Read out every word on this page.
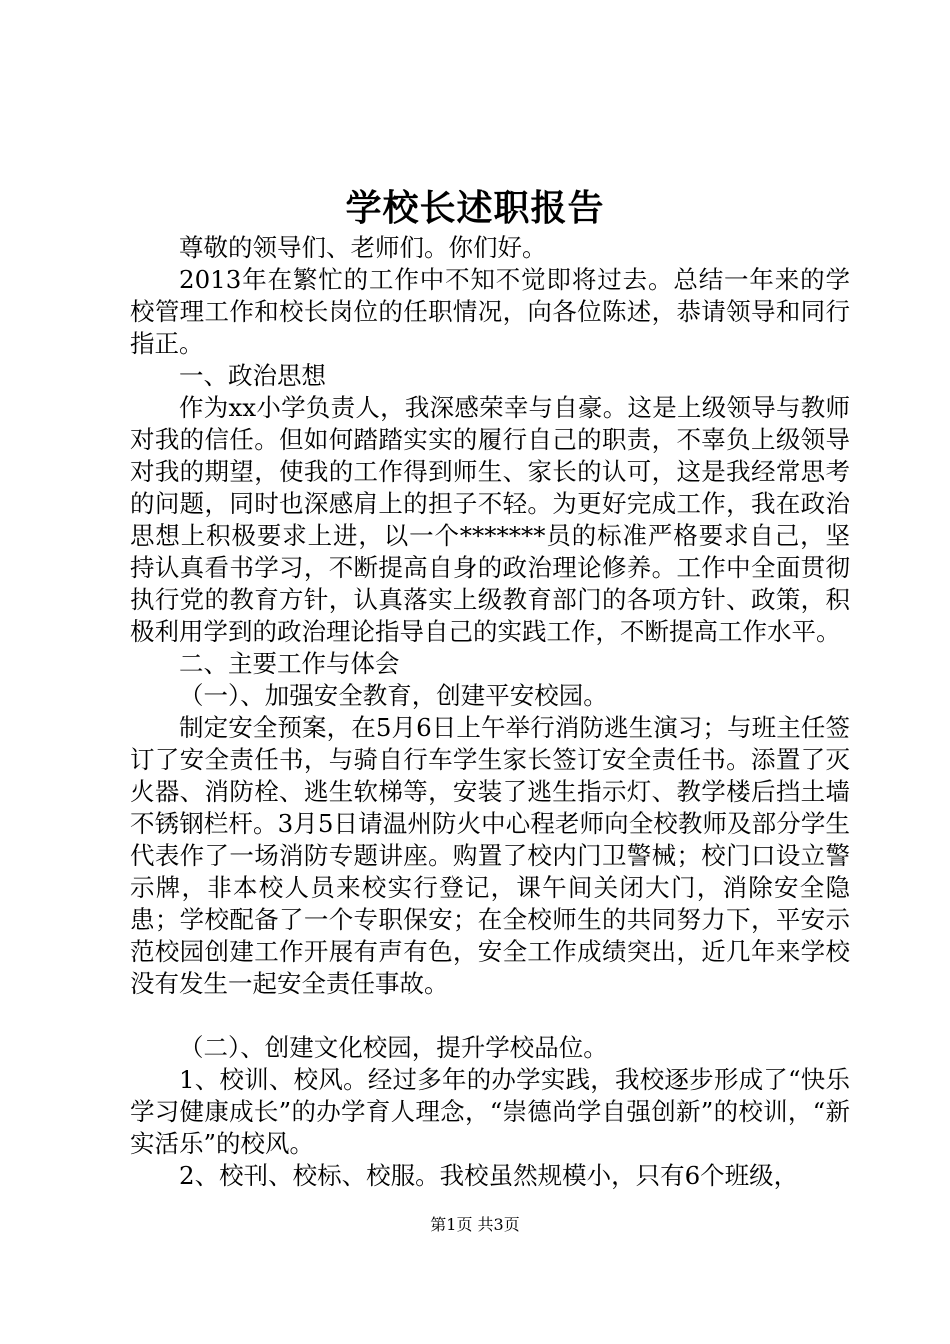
学校长述职报告

尊敬的领导们、老师们。你们好。

2013年在繁忙的工作中不知不觉即将过去。总结一年来的学校管理工作和校长岗位的任职情况，向各位陈述，恭请领导和同行指正。

一、政治思想

作为xx小学负责人，我深感荣幸与自豪。这是上级领导与教师对我的信任。但如何踏踏实实的履行自己的职责，不辜负上级领导对我的期望，使我的工作得到师生、家长的认可，这是我经常思考的问题，同时也深感肩上的担子不轻。为更好完成工作，我在政治思想上积极要求上进，以一个*******员的标准严格要求自己，坚持认真看书学习，不断提高自身的政治理论修养。工作中全面贯彻执行党的教育方针，认真落实上级教育部门的各项方针、政策，积极利用学到的政治理论指导自己的实践工作，不断提高工作水平。

二、主要工作与体会

（一）、加强安全教育，创建平安校园。

制定安全预案，在5月6日上午举行消防逃生演习；与班主任签订了安全责任书，与骑自行车学生家长签订安全责任书。添置了灭火器、消防栓、逃生软梯等，安装了逃生指示灯、教学楼后挡土墙不锈钢栏杆。3月5日请温州防火中心程老师向全校教师及部分学生代表作了一场消防专题讲座。购置了校内门卫警械；校门口设立警示牌，非本校人员来校实行登记，课午间关闭大门，消除安全隐患；学校配备了一个专职保安；在全校师生的共同努力下，平安示范校园创建工作开展有声有色，安全工作成绩突出，近几年来学校没有发生一起安全责任事故。

（二）、创建文化校园，提升学校品位。

1、校训、校风。经过多年的办学实践，我校逐步形成了“快乐学习健康成长”的办学育人理念，“崇德尚学自强创新”的校训，“新实活乐”的校风。

2、校刊、校标、校服。我校虽然规模小，只有6个班级，

第1页 共3页
